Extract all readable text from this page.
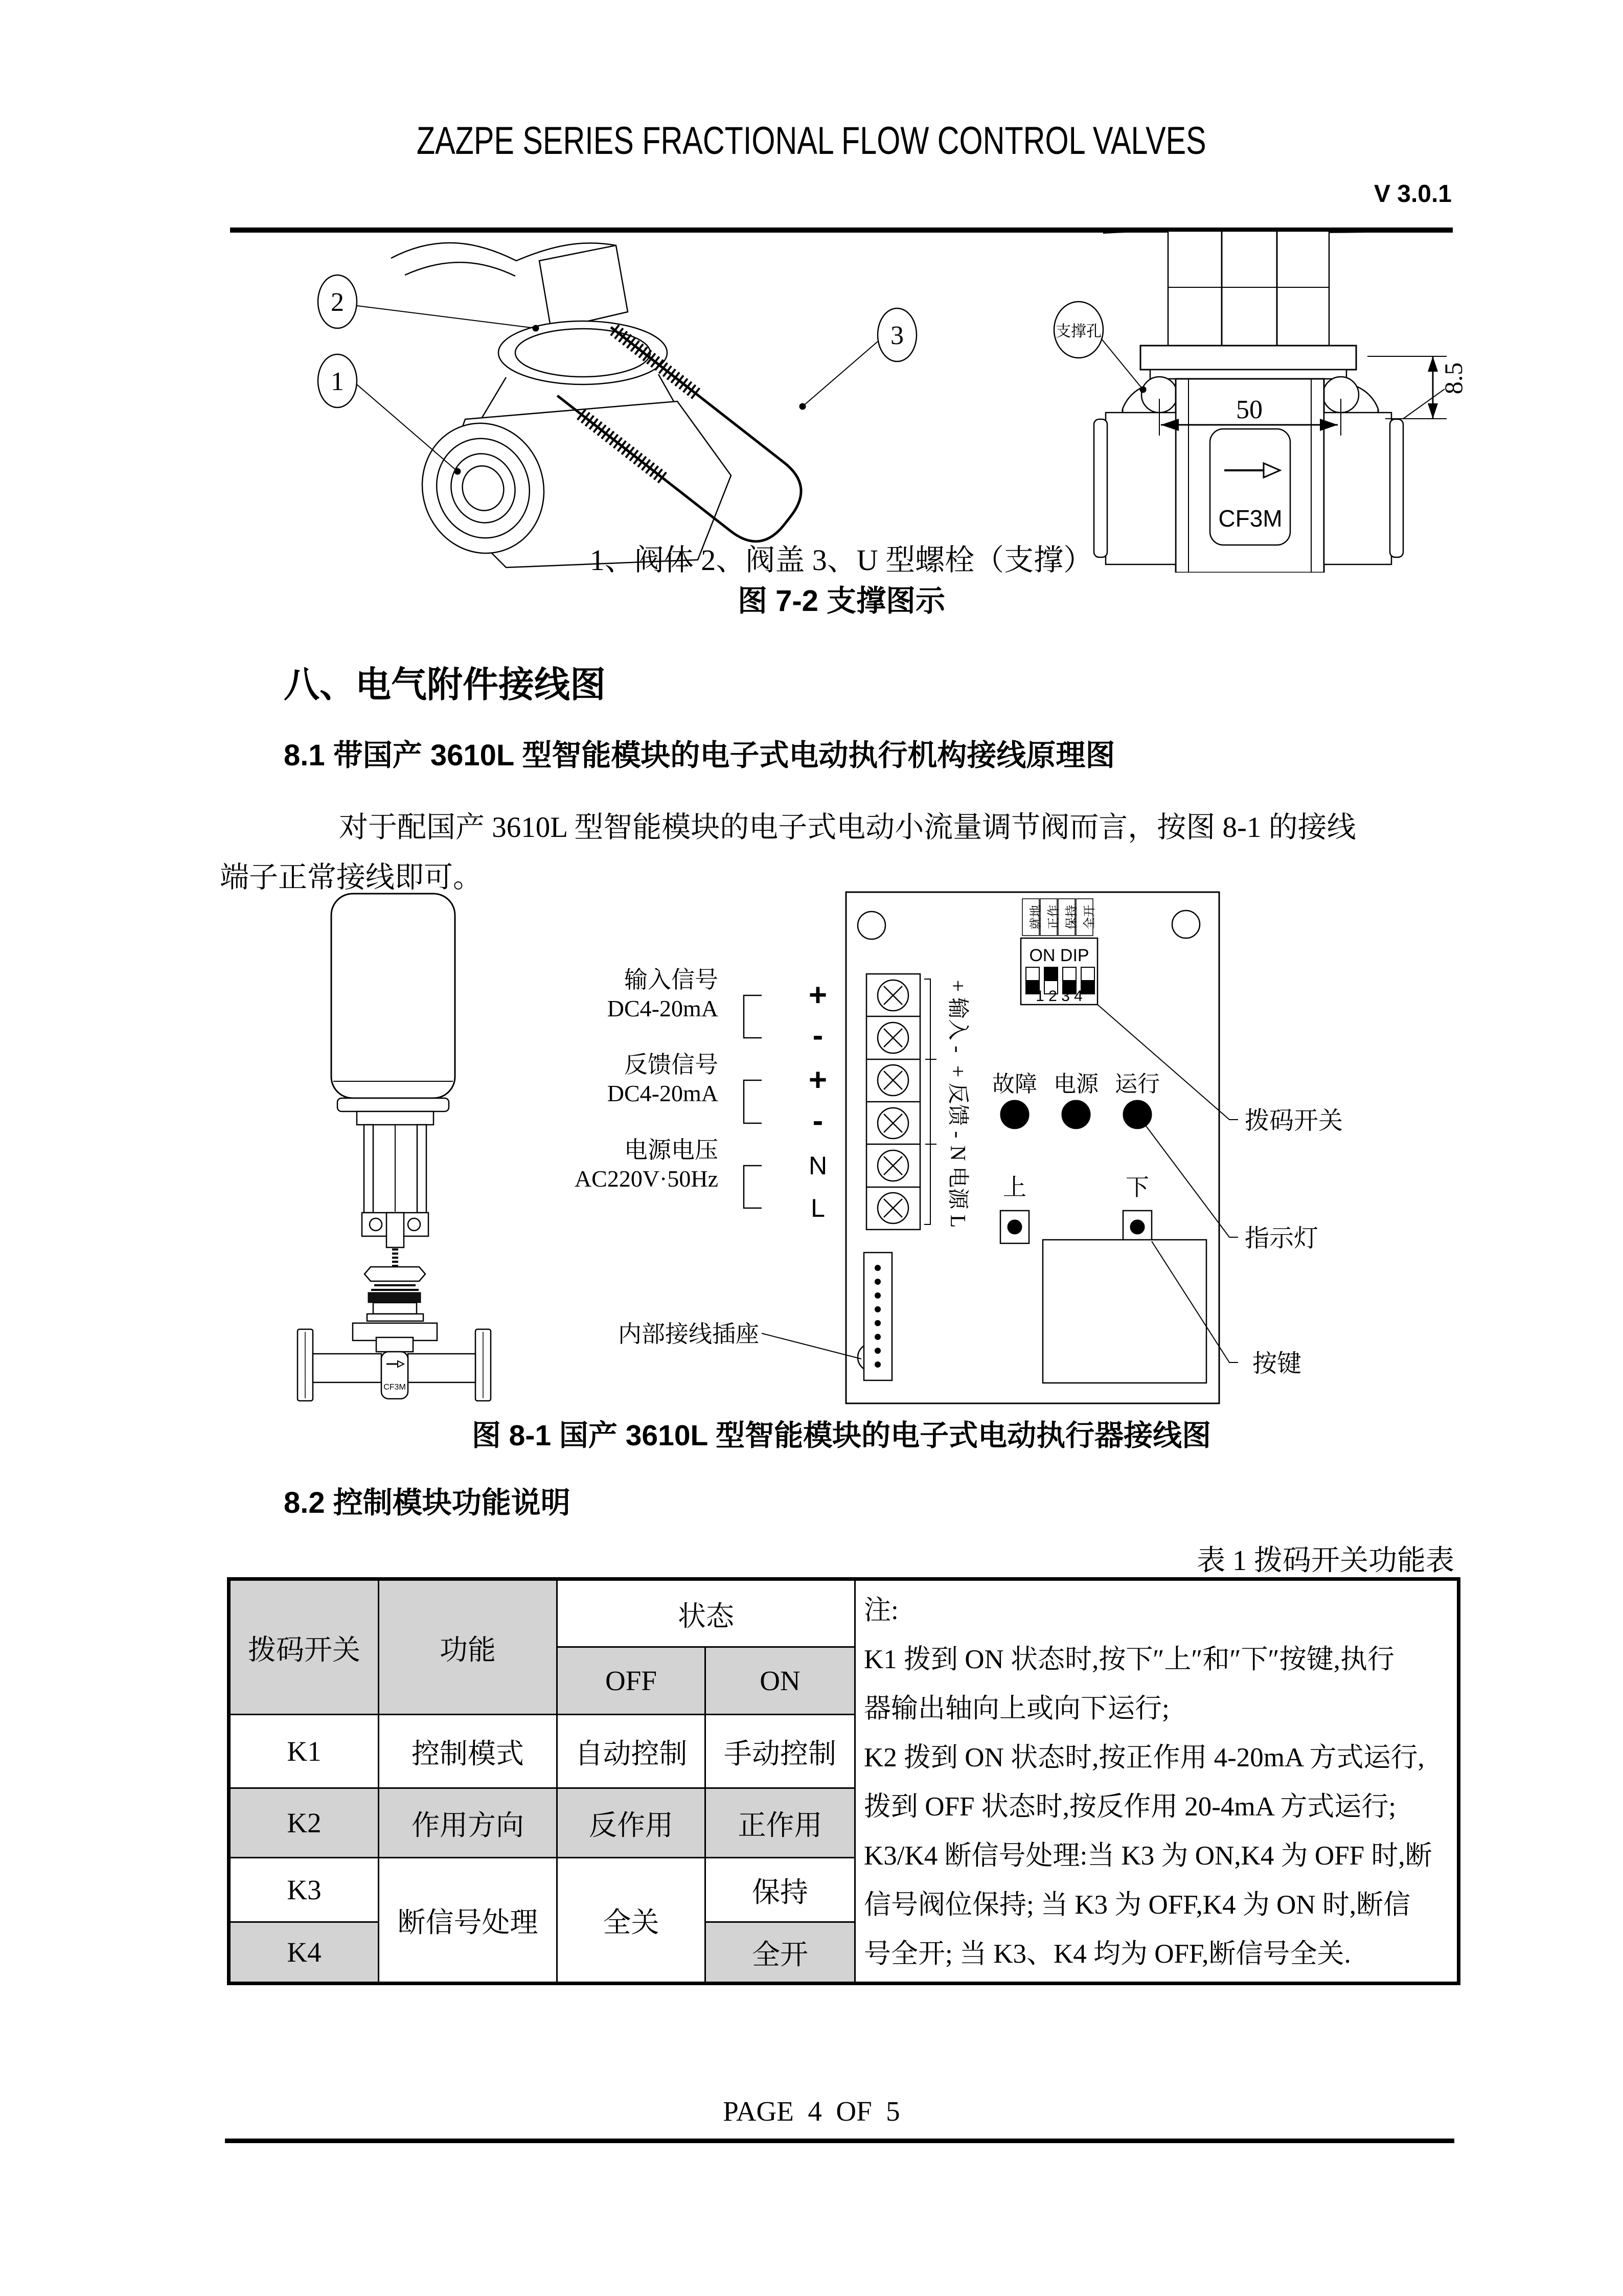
ZAZPE SERIES FRACTIONAL FLOW CONTROL VALVES
V 3.0.1
2
1
3	支撑孔
50
8.5
CF3M
1、阀体 2、阀盖 3、U 型螺栓（支撑）
图 7-2 支撑图示
八、电气附件接线图
8.1 带国产 3610L 型智能模块的电子式电动执行机构接线原理图
对于配国产 3610L 型智能模块的电子式电动小流量调节阀而言，按图 8-1 的接线
端子正常接线即可。
输入信号
DC4-20mA
反馈信号
DC4-20mA
电源电压
AC220V·50Hz
+
-
+
-
N
L
+ 输入 -
+ 反馈 -
N 电源 L
就地 正作 保持 全开
ON DIP
1 2 3 4
故障 电源 运行
上	下
拨码开关
指示灯
按键
内部接线插座
CF3M
图 8-1 国产 3610L 型智能模块的电子式电动执行器接线图
8.2 控制模块功能说明
表 1 拨码开关功能表
拨码开关	功能	状态	注:
K1 拨到 ON 状态时,按下″上″和″下″按键,执行
器输出轴向上或向下运行;
K2 拨到 ON 状态时,按正作用 4-20mA 方式运行,
拨到 OFF 状态时,按反作用 20-4mA 方式运行;
K3/K4 断信号处理:当 K3 为 ON,K4 为 OFF 时,断
信号阀位保持; 当 K3 为 OFF,K4 为 ON 时,断信
号全开; 当 K3、K4 均为 OFF,断信号全关.

		OFF	ON	
K1	控制模式	自动控制	手动控制	
K2	作用方向	反作用	正作用	
K3	断信号处理	全关	保持	
K4			全开	
PAGE  4  OF  5
